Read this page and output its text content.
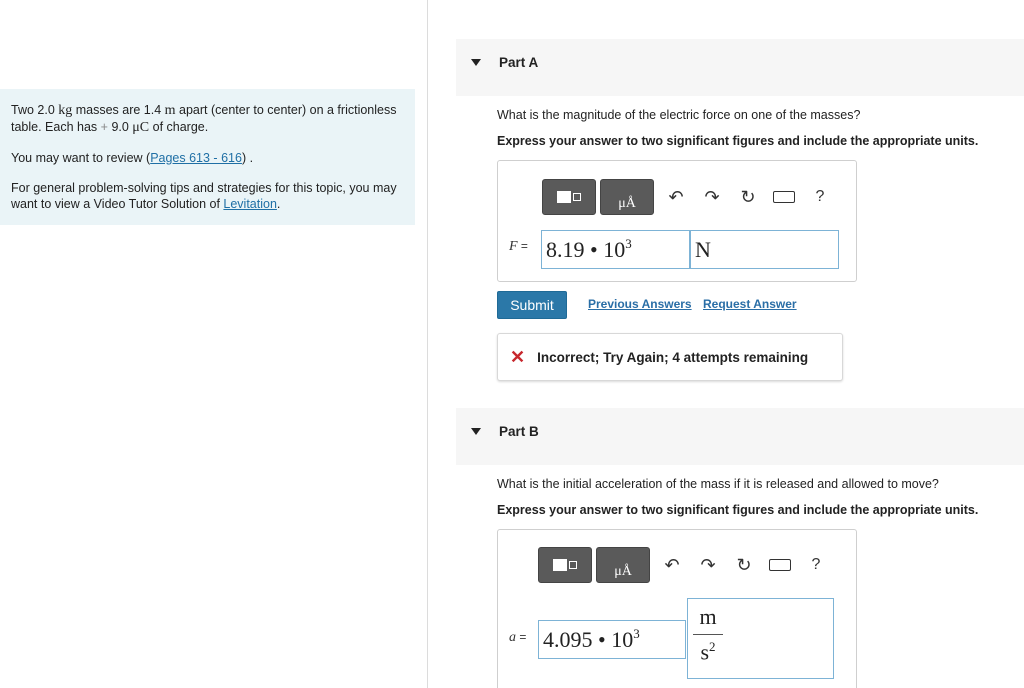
Two 2.0 kg masses are 1.4 m apart (center to center) on a frictionless table. Each has + 9.0 μC of charge.

You may want to review (Pages 613 - 616) .

For general problem-solving tips and strategies for this topic, you may want to view a Video Tutor Solution of Levitation.

Part A
What is the magnitude of the electric force on one of the masses?
Express your answer to two significant figures and include the appropriate units.
μÅ	↶	↷	↻	?
F = 8.19 • $10^3$	N
Submit	Previous Answers Request Answer
✕ Incorrect; Try Again; 4 attempts remaining
Part B
What is the initial acceleration of the mass if it is released and allowed to move?
Express your answer to two significant figures and include the appropriate units.
μÅ	↶	↷	↻	?
a = 4.095 • $10^3$
m
$s^2$
